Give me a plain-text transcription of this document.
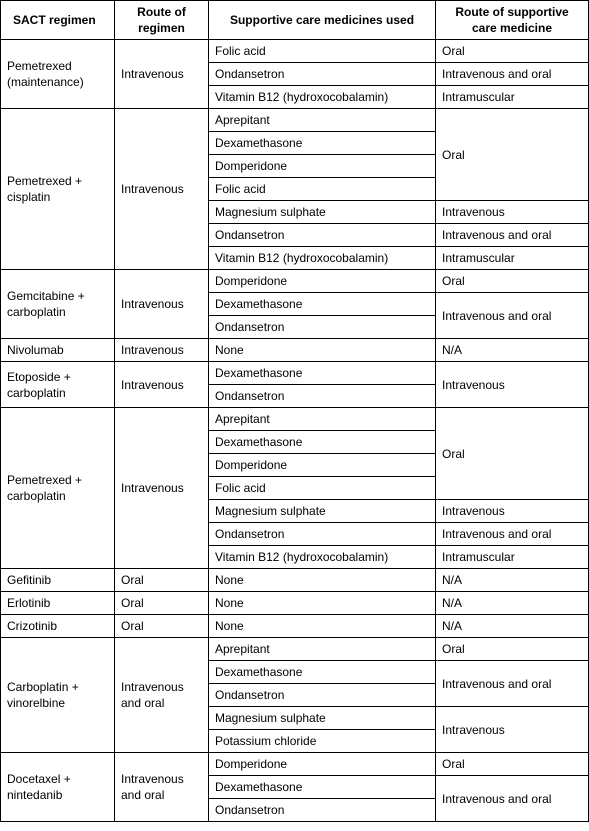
SACT regimen	Route of regimen	Supportive care medicines used	Route of supportive care medicine
Pemetrexed (maintenance)	Intravenous	Folic acid	Oral
		Ondansetron	Intravenous and oral
		Vitamin B12 (hydroxocobalamin)	Intramuscular
Pemetrexed + cisplatin	Intravenous	Aprepitant	Oral
		Dexamethasone	
		Domperidone	
		Folic acid	
		Magnesium sulphate	Intravenous
		Ondansetron	Intravenous and oral
		Vitamin B12 (hydroxocobalamin)	Intramuscular
Gemcitabine + carboplatin	Intravenous	Domperidone	Oral
		Dexamethasone	Intravenous and oral
		Ondansetron	
Nivolumab	Intravenous	None	N/A
Etoposide + carboplatin	Intravenous	Dexamethasone	Intravenous
		Ondansetron	
Pemetrexed + carboplatin	Intravenous	Aprepitant	Oral
		Dexamethasone	
		Domperidone	
		Folic acid	
		Magnesium sulphate	Intravenous
		Ondansetron	Intravenous and oral
		Vitamin B12 (hydroxocobalamin)	Intramuscular
Gefitinib	Oral	None	N/A
Erlotinib	Oral	None	N/A
Crizotinib	Oral	None	N/A
Carboplatin + vinorelbine	Intravenous and oral	Aprepitant	Oral
		Dexamethasone	Intravenous and oral
		Ondansetron	
		Magnesium sulphate	Intravenous
		Potassium chloride	
Docetaxel + nintedanib	Intravenous and oral	Domperidone	Oral
		Dexamethasone	Intravenous and oral
		Ondansetron	
